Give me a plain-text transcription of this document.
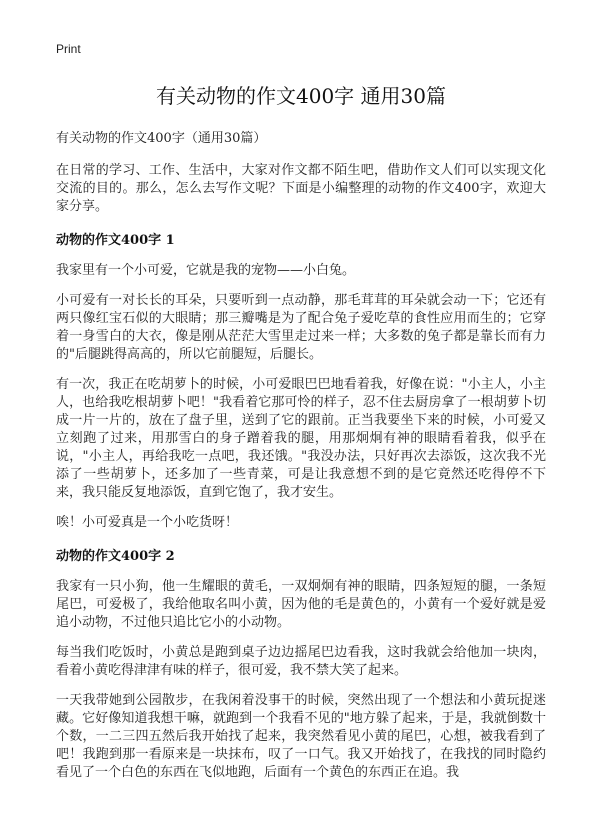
Print
有关动物的作文400字 通用30篇

有关动物的作文400字（通用30篇）

在日常的学习、工作、生活中，大家对作文都不陌生吧，借助作文人们可以实现文化交流的目的。那么，怎么去写作文呢？下面是小编整理的动物的作文400字，欢迎大家分享。

动物的作文400字 1

我家里有一个小可爱，它就是我的宠物——小白兔。

小可爱有一对长长的耳朵，只要听到一点动静，那毛茸茸的耳朵就会动一下；它还有两只像红宝石似的大眼睛；那三瓣嘴是为了配合兔子爱吃草的食性应用而生的；它穿着一身雪白的大衣，像是刚从茫茫大雪里走过来一样；大多数的兔子都是靠长而有力的"后腿跳得高高的，所以它前腿短，后腿长。

有一次，我正在吃胡萝卜的时候，小可爱眼巴巴地看着我，好像在说："小主人，小主人，也给我吃根胡萝卜吧！"我看着它那可怜的样子，忍不住去厨房拿了一根胡萝卜切成一片一片的，放在了盘子里，送到了它的跟前。正当我要坐下来的时候，小可爱又立刻跑了过来，用那雪白的身子蹭着我的腿，用那炯炯有神的眼睛看着我，似乎在说，"小主人，再给我吃一点吧，我还饿。"我没办法，只好再次去添饭，这次我不光添了一些胡萝卜，还多加了一些青菜，可是让我意想不到的是它竟然还吃得停不下来，我只能反复地添饭，直到它饱了，我才安生。

唉！小可爱真是一个小吃货呀！

动物的作文400字 2

我家有一只小狗，他一生耀眼的黄毛，一双炯炯有神的眼睛，四条短短的腿，一条短尾巴，可爱极了，我给他取名叫小黄，因为他的毛是黄色的，小黄有一个爱好就是爱追小动物，不过他只追比它小的小动物。

每当我们吃饭时，小黄总是跑到桌子边边摇尾巴边看我，这时我就会给他加一块肉，看着小黄吃得津津有味的样子，很可爱，我不禁大笑了起来。

一天我带她到公园散步，在我闲着没事干的时候，突然出现了一个想法和小黄玩捉迷藏。它好像知道我想干嘛，就跑到一个我看不见的"地方躲了起来，于是，我就倒数十个数，一二三四五然后我开始找了起来，我突然看见小黄的尾巴，心想，被我看到了吧！我跑到那一看原来是一块抹布，叹了一口气。我又开始找了，在我找的同时隐约看见了一个白色的东西在飞似地跑，后面有一个黄色的东西正在追。我
